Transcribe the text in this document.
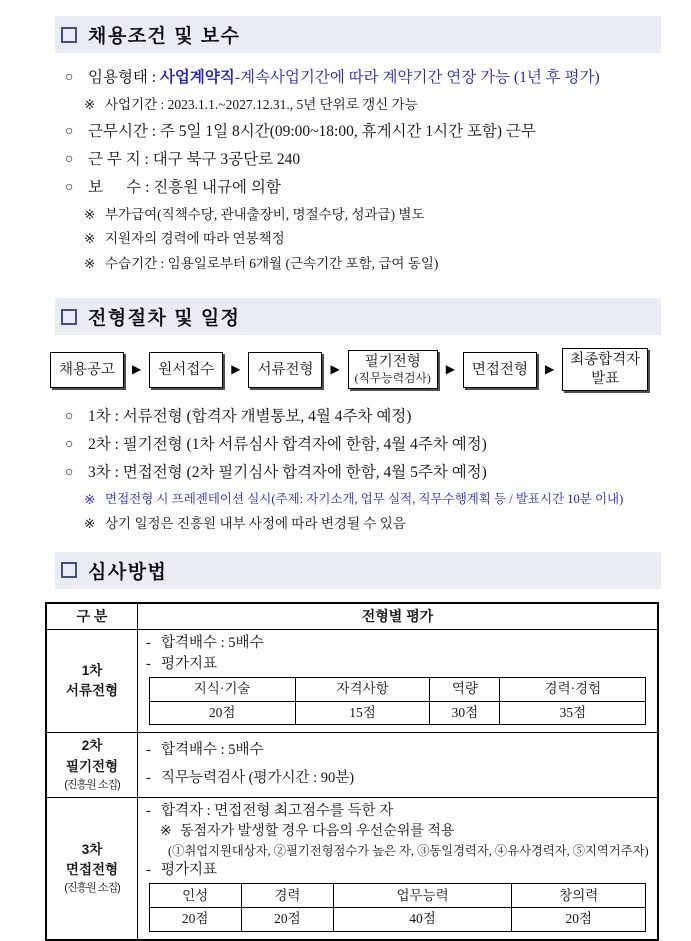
채용조건 및 보수
○ 임용형태 : 사업계약직-계속사업기간에 따라 계약기간 연장 가능 (1년 후 평가)
※ 사업기간 : 2023.1.1.~2027.12.31., 5년 단위로 갱신 가능
○ 근무시간 : 주 5일 1일 8시간(09:00~18:00, 휴게시간 1시간 포함) 근무
○ 근 무 지 : 대구 북구 3공단로 240
○ 보      수 : 진흥원 내규에 의함
※ 부가급여(직책수당, 관내출장비, 명절수당, 성과급) 별도
※ 지원자의 경력에 따라 연봉책정
※ 수습기간 : 임용일로부터 6개월 (근속기간 포함, 급여 동일)
전형절차 및 일정
채용공고	▶ 원서접수	▶ 서류전형	▶	필기전형
(직무능력검사)
▶ 면접전형	▶
최종합격자
발표
○ 1차 : 서류전형 (합격자 개별통보, 4월 4주차 예정)
○ 2차 : 필기전형 (1차 서류심사 합격자에 한함, 4월 4주차 예정)
○ 3차 : 면접전형 (2차 필기심사 합격자에 한함, 4월 5주차 예정)
※ 면접전형 시 프레젠테이션 실시(주제: 자기소개, 업무 실적, 직무수행계획 등 / 발표시간 10분 이내)
※ 상기 일정은 진흥원 내부 사정에 따라 변경될 수 있음
심사방법
구 분	전형별 평가

1차
서류전형

- 합격배수 : 5배수
- 평가지표
지식·기술	자격사항	역량	경력·경험
20점	15점	30점	35점

2차
필기전형
(진흥원 소집)

- 합격배수 : 5배수
- 직무능력검사 (평가시간 : 90분)

3차
면접전형
(진흥원 소집)

- 합격자 : 면접전형 최고점수를 득한 자
※ 동점자가 발생할 경우 다음의 우선순위를 적용
(①취업지원대상자, ②필기전형점수가 높은 자, ③동일경력자, ④유사경력자, ⑤지역거주자)
- 평가지표
인성	경력	업무능력	창의력
20점	20점	40점	20점
